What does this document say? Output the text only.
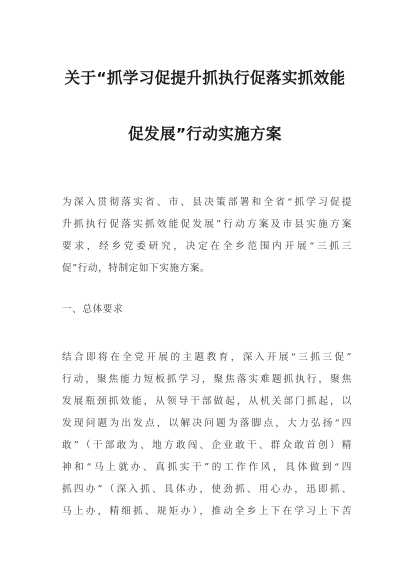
关于“抓学习促提升抓执行促落实抓效能
促发展”行动实施方案
为深入贯彻落实省、市、县决策部署和全省“抓学习促提
升抓执行促落实抓效能促发展”行动方案及市县实施方案
要求，经乡党委研究，决定在全乡范围内开展“三抓三
促”行动，特制定如下实施方案。
一、总体要求
结合即将在全党开展的主题教育，深入开展“三抓三促”
行动，聚焦能力短板抓学习，聚焦落实难题抓执行，聚焦
发展瓶颈抓效能，从领导干部做起，从机关部门抓起，以
发现问题为出发点，以解决问题为落脚点，大力弘扬“四
敢”（干部敢为、地方敢闯、企业敢干、群众敢首创）精
神和“马上就办、真抓实干”的工作作风，具体做到“四
抓四办”（深入抓、具体办，使劲抓、用心办，迅即抓、
马上办，精细抓、规矩办），推动全乡上下在学习上下苦
